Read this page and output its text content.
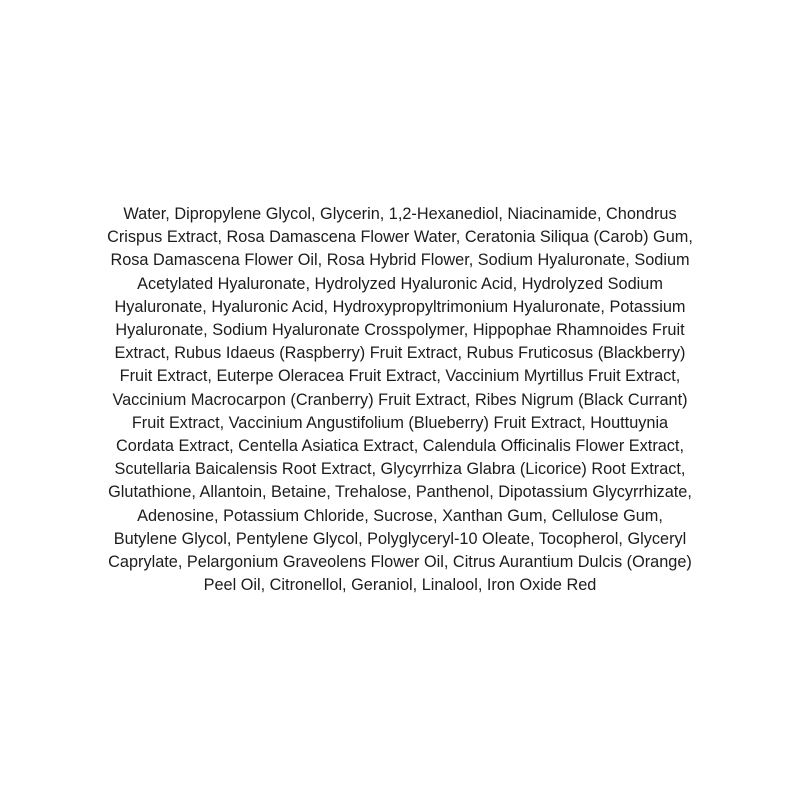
Water, Dipropylene Glycol, Glycerin, 1,2-Hexanediol, Niacinamide, Chondrus
Crispus Extract, Rosa Damascena Flower Water, Ceratonia Siliqua (Carob) Gum,
Rosa Damascena Flower Oil, Rosa Hybrid Flower, Sodium Hyaluronate, Sodium
Acetylated Hyaluronate, Hydrolyzed Hyaluronic Acid, Hydrolyzed Sodium
Hyaluronate, Hyaluronic Acid, Hydroxypropyltrimonium Hyaluronate, Potassium
Hyaluronate, Sodium Hyaluronate Crosspolymer, Hippophae Rhamnoides Fruit
Extract, Rubus Idaeus (Raspberry) Fruit Extract, Rubus Fruticosus (Blackberry)
Fruit Extract, Euterpe Oleracea Fruit Extract, Vaccinium Myrtillus Fruit Extract,
Vaccinium Macrocarpon (Cranberry) Fruit Extract, Ribes Nigrum (Black Currant)
Fruit Extract, Vaccinium Angustifolium (Blueberry) Fruit Extract, Houttuynia
Cordata Extract, Centella Asiatica Extract, Calendula Officinalis Flower Extract,
Scutellaria Baicalensis Root Extract, Glycyrrhiza Glabra (Licorice) Root Extract,
Glutathione, Allantoin, Betaine, Trehalose, Panthenol, Dipotassium Glycyrrhizate,
Adenosine, Potassium Chloride, Sucrose, Xanthan Gum, Cellulose Gum,
Butylene Glycol, Pentylene Glycol, Polyglyceryl-10 Oleate, Tocopherol, Glyceryl
Caprylate, Pelargonium Graveolens Flower Oil, Citrus Aurantium Dulcis (Orange)
Peel Oil, Citronellol, Geraniol, Linalool, Iron Oxide Red
